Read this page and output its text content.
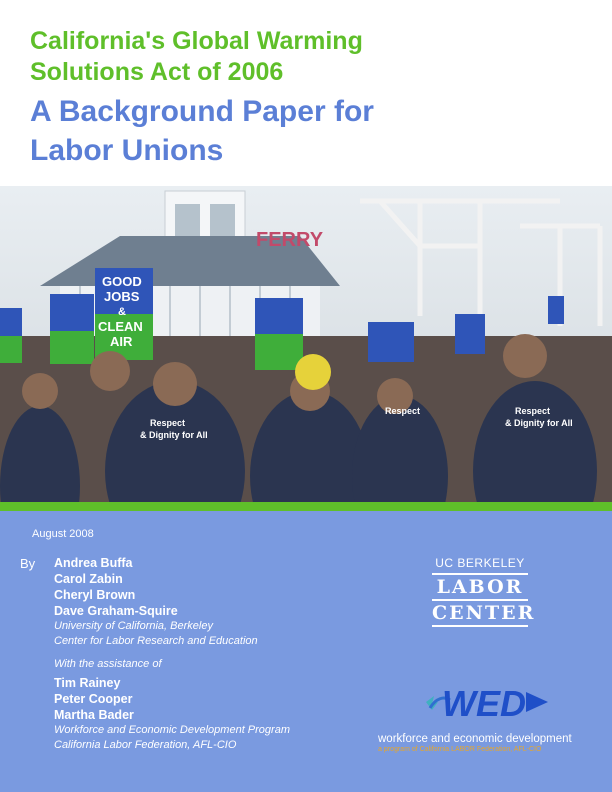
California's Global Warming

Solutions Act of 2006

A Background Paper for

Labor Unions

FERRY
GOOD
JOBS
&
CLEAN
AIR
Respect
& Dignity for All
Respect
& Dignity for All
Respect
August 2008
By Andrea Buffa
Carol Zabin
Cheryl Brown
Dave Graham-Squire
University of California, Berkeley
Center for Labor Research and Education
With the assistance of
Tim Rainey
Peter Cooper
Martha Bader
Workforce and Economic Development Program
California Labor Federation, AFL-CIO
UC BERKELEY
LABOR
CENTER
WED
workforce and economic development
a program of California LABOR Federation, AFL-CIO
